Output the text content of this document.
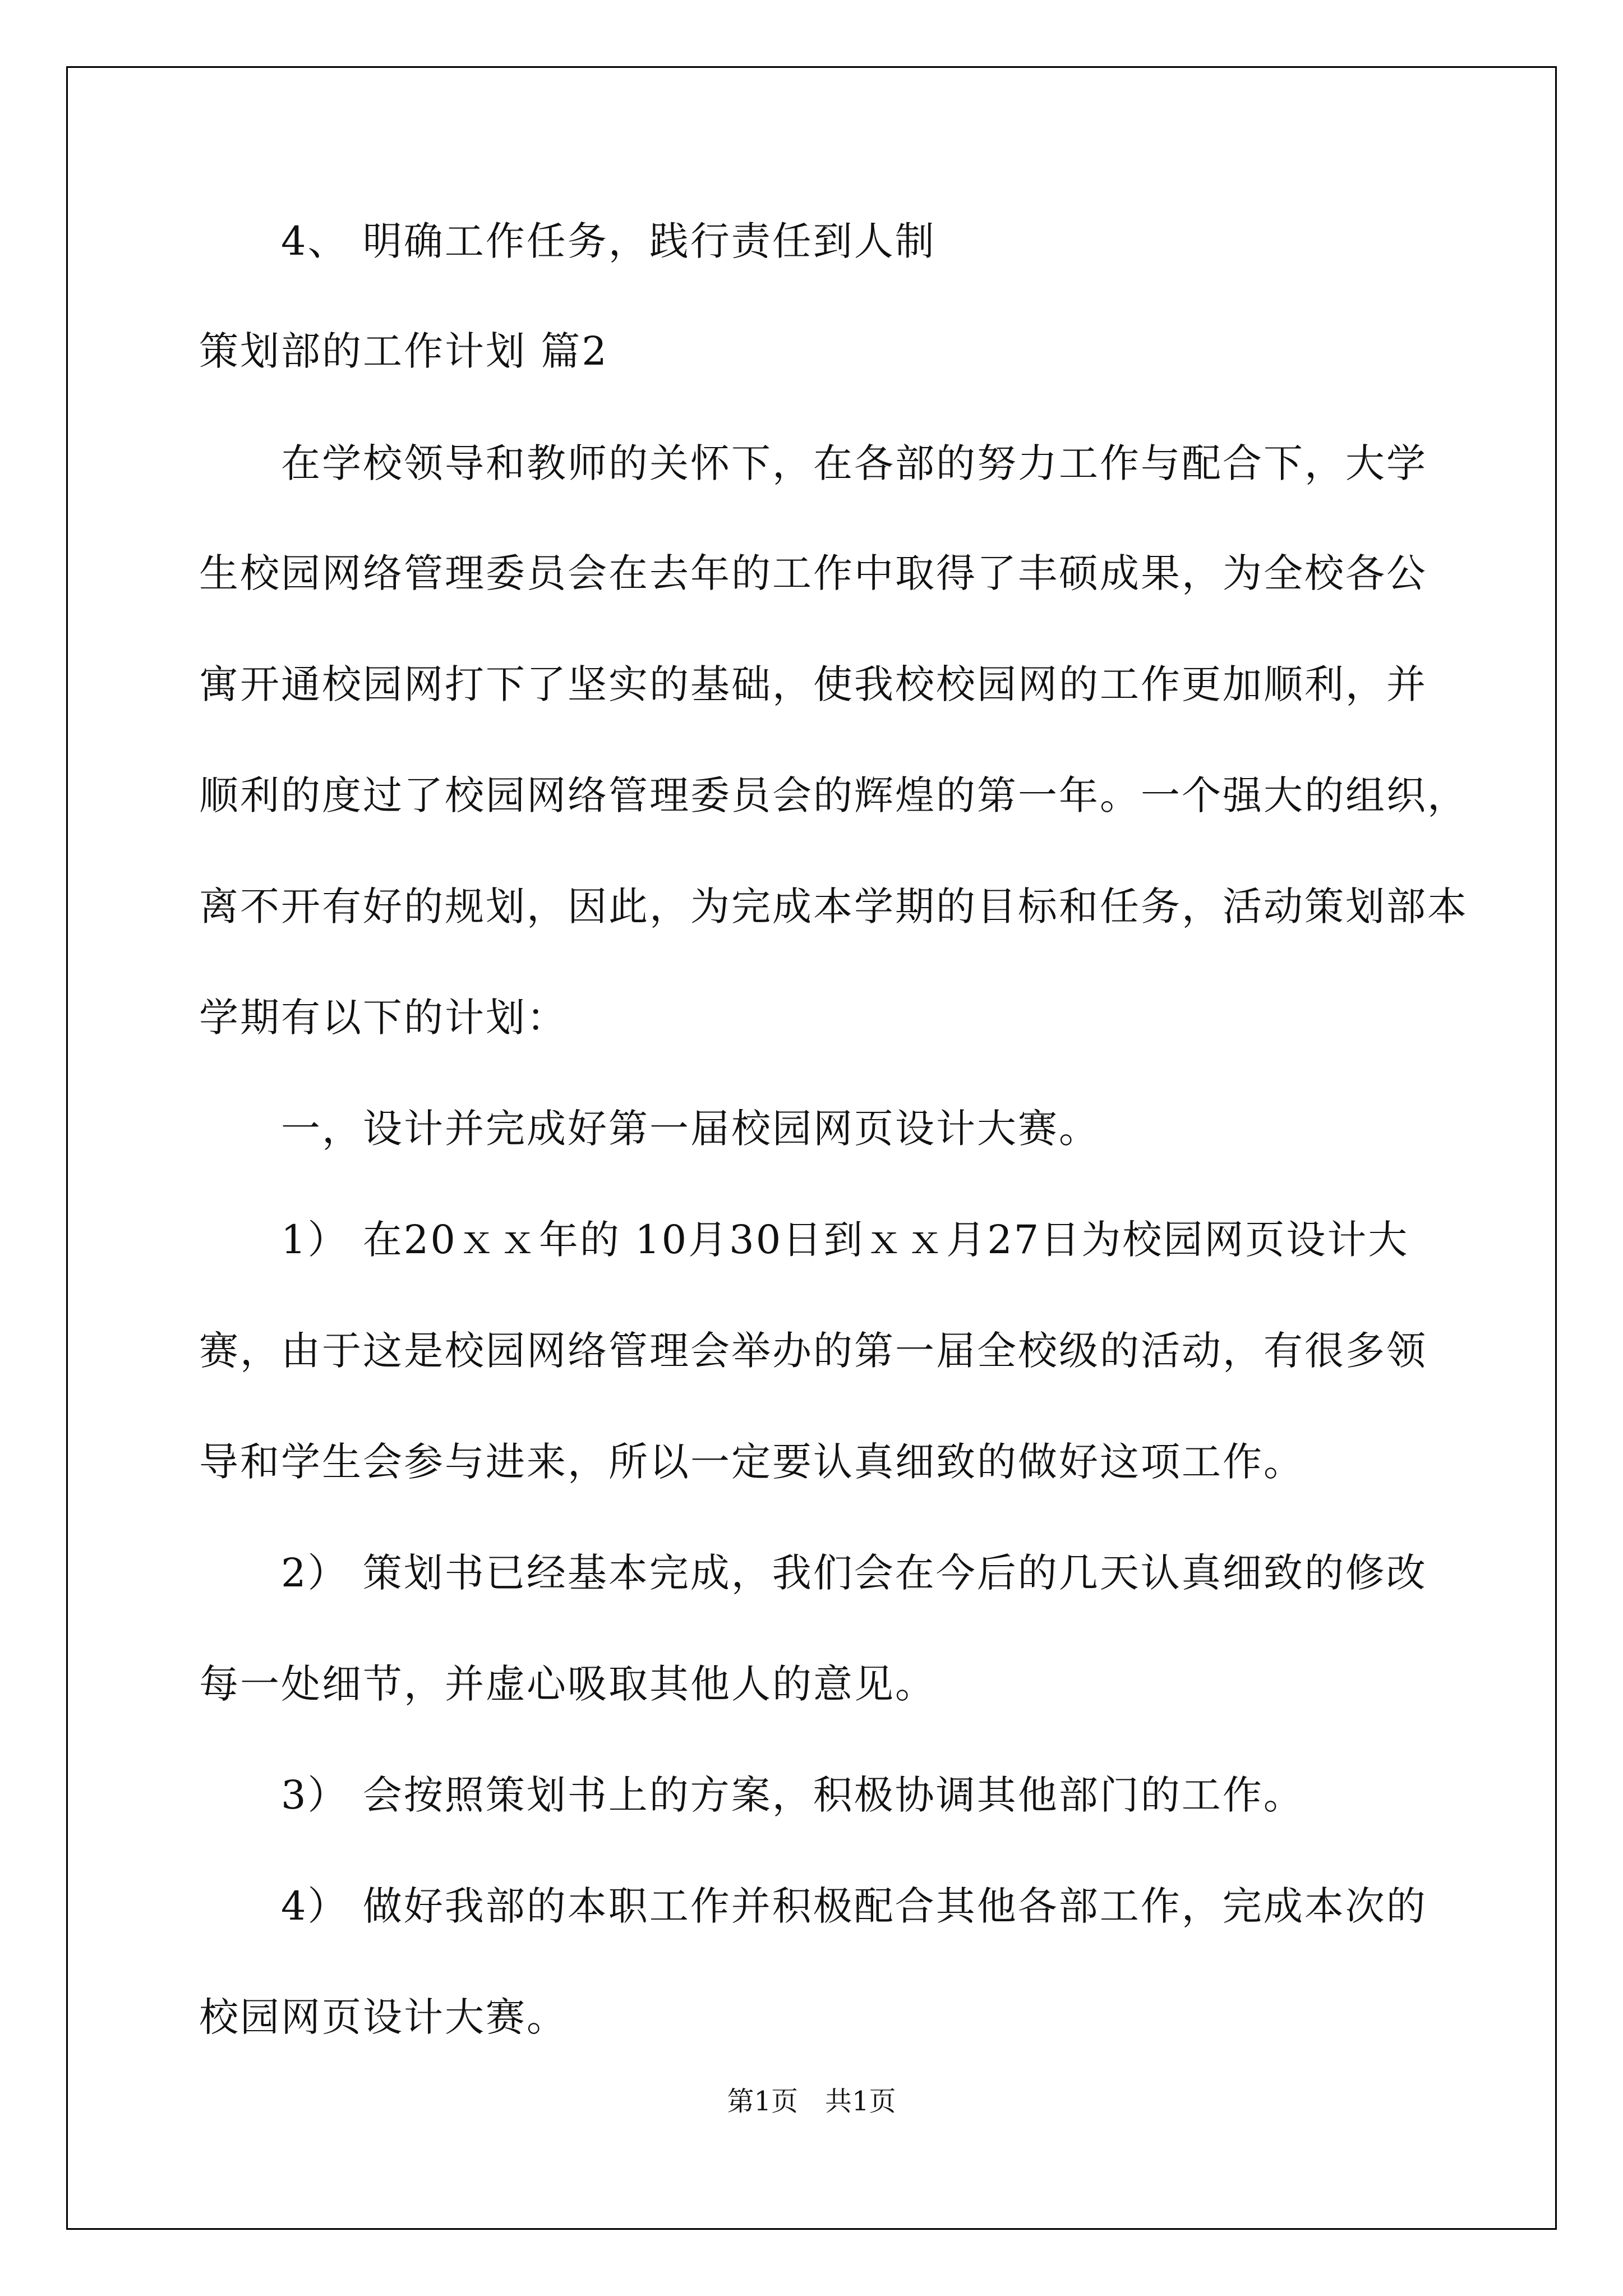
　　4、 明确工作任务，践行责任到人制
策划部的工作计划 篇2
　　在学校领导和教师的关怀下，在各部的努力工作与配合下，大学
生校园网络管理委员会在去年的工作中取得了丰硕成果，为全校各公
寓开通校园网打下了坚实的基础，使我校校园网的工作更加顺利，并
顺利的度过了校园网络管理委员会的辉煌的第一年。一个强大的组织，
离不开有好的规划，因此，为完成本学期的目标和任务，活动策划部本
学期有以下的计划：
　　一，设计并完成好第一届校园网页设计大赛。
　　1） 在20ｘｘ年的 10月30日到ｘｘ月27日为校园网页设计大
赛，由于这是校园网络管理会举办的第一届全校级的活动，有很多领
导和学生会参与进来，所以一定要认真细致的做好这项工作。
　　2） 策划书已经基本完成，我们会在今后的几天认真细致的修改
每一处细节，并虚心吸取其他人的意见。
　　3） 会按照策划书上的方案，积极协调其他部门的工作。
　　4） 做好我部的本职工作并积极配合其他各部工作，完成本次的
校园网页设计大赛。
第1页　共1页
